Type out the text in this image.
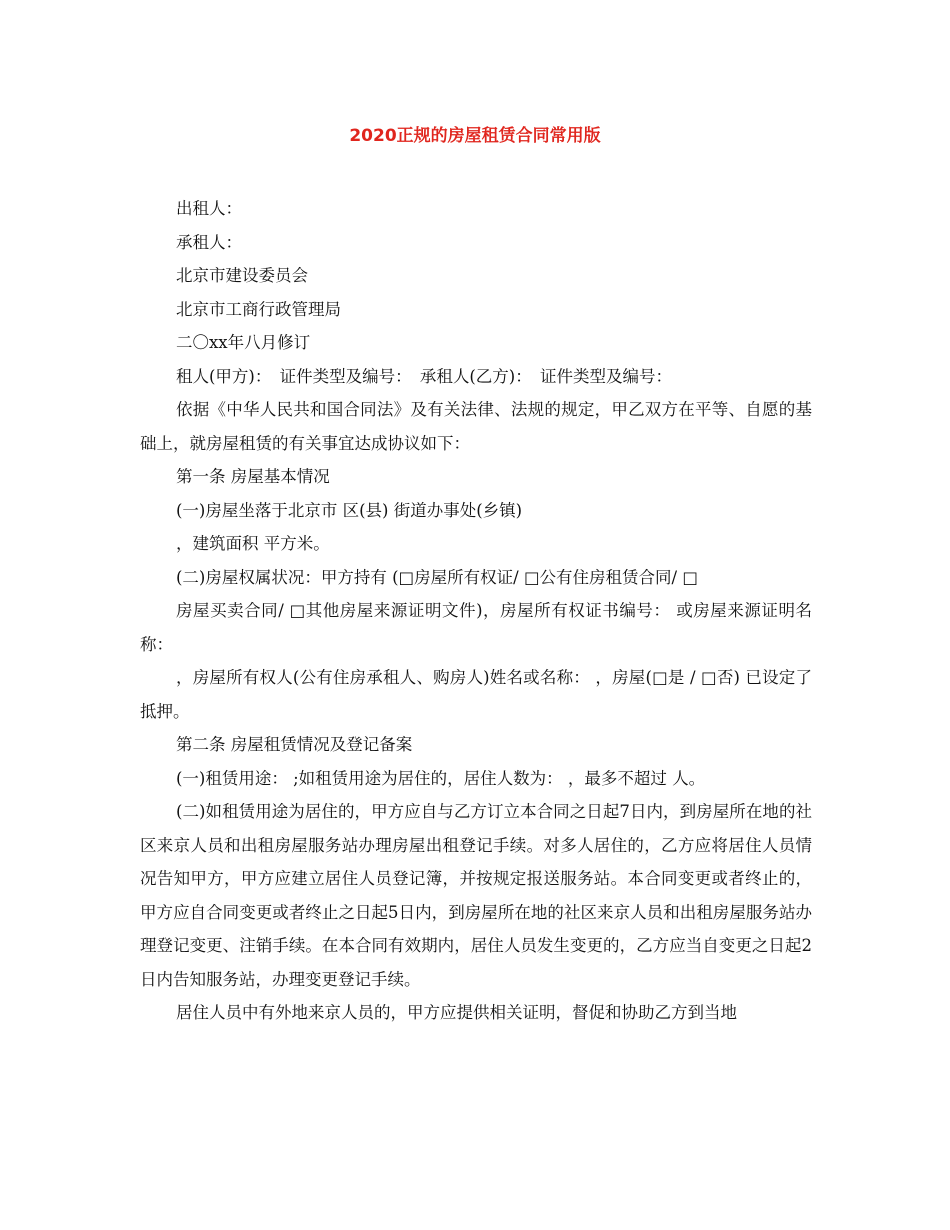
2020正规的房屋租赁合同常用版

出租人：

承租人：

北京市建设委员会

北京市工商行政管理局

二〇xx年八月修订

租人(甲方)：　证件类型及编号：　承租人(乙方)：　证件类型及编号：

依据《中华人民共和国合同法》及有关法律、法规的规定，甲乙双方在平等、自愿的基础上，就房屋租赁的有关事宜达成协议如下：

第一条 房屋基本情况

(一)房屋坐落于北京市 区(县) 街道办事处(乡镇)

，建筑面积 平方米。

(二)房屋权属状况：甲方持有 (□房屋所有权证/ □公有住房租赁合同/ □

房屋买卖合同/ □其他房屋来源证明文件)，房屋所有权证书编号： 或房屋来源证明名称：

，房屋所有权人(公有住房承租人、购房人)姓名或名称： ，房屋(□是 / □否) 已设定了抵押。

第二条 房屋租赁情况及登记备案

(一)租赁用途： ;如租赁用途为居住的，居住人数为： ，最多不超过 人。

(二)如租赁用途为居住的，甲方应自与乙方订立本合同之日起7日内，到房屋所在地的社区来京人员和出租房屋服务站办理房屋出租登记手续。对多人居住的，乙方应将居住人员情况告知甲方，甲方应建立居住人员登记簿，并按规定报送服务站。本合同变更或者终止的，甲方应自合同变更或者终止之日起5日内，到房屋所在地的社区来京人员和出租房屋服务站办理登记变更、注销手续。在本合同有效期内，居住人员发生变更的，乙方应当自变更之日起2日内告知服务站，办理变更登记手续。

居住人员中有外地来京人员的，甲方应提供相关证明，督促和协助乙方到当地
